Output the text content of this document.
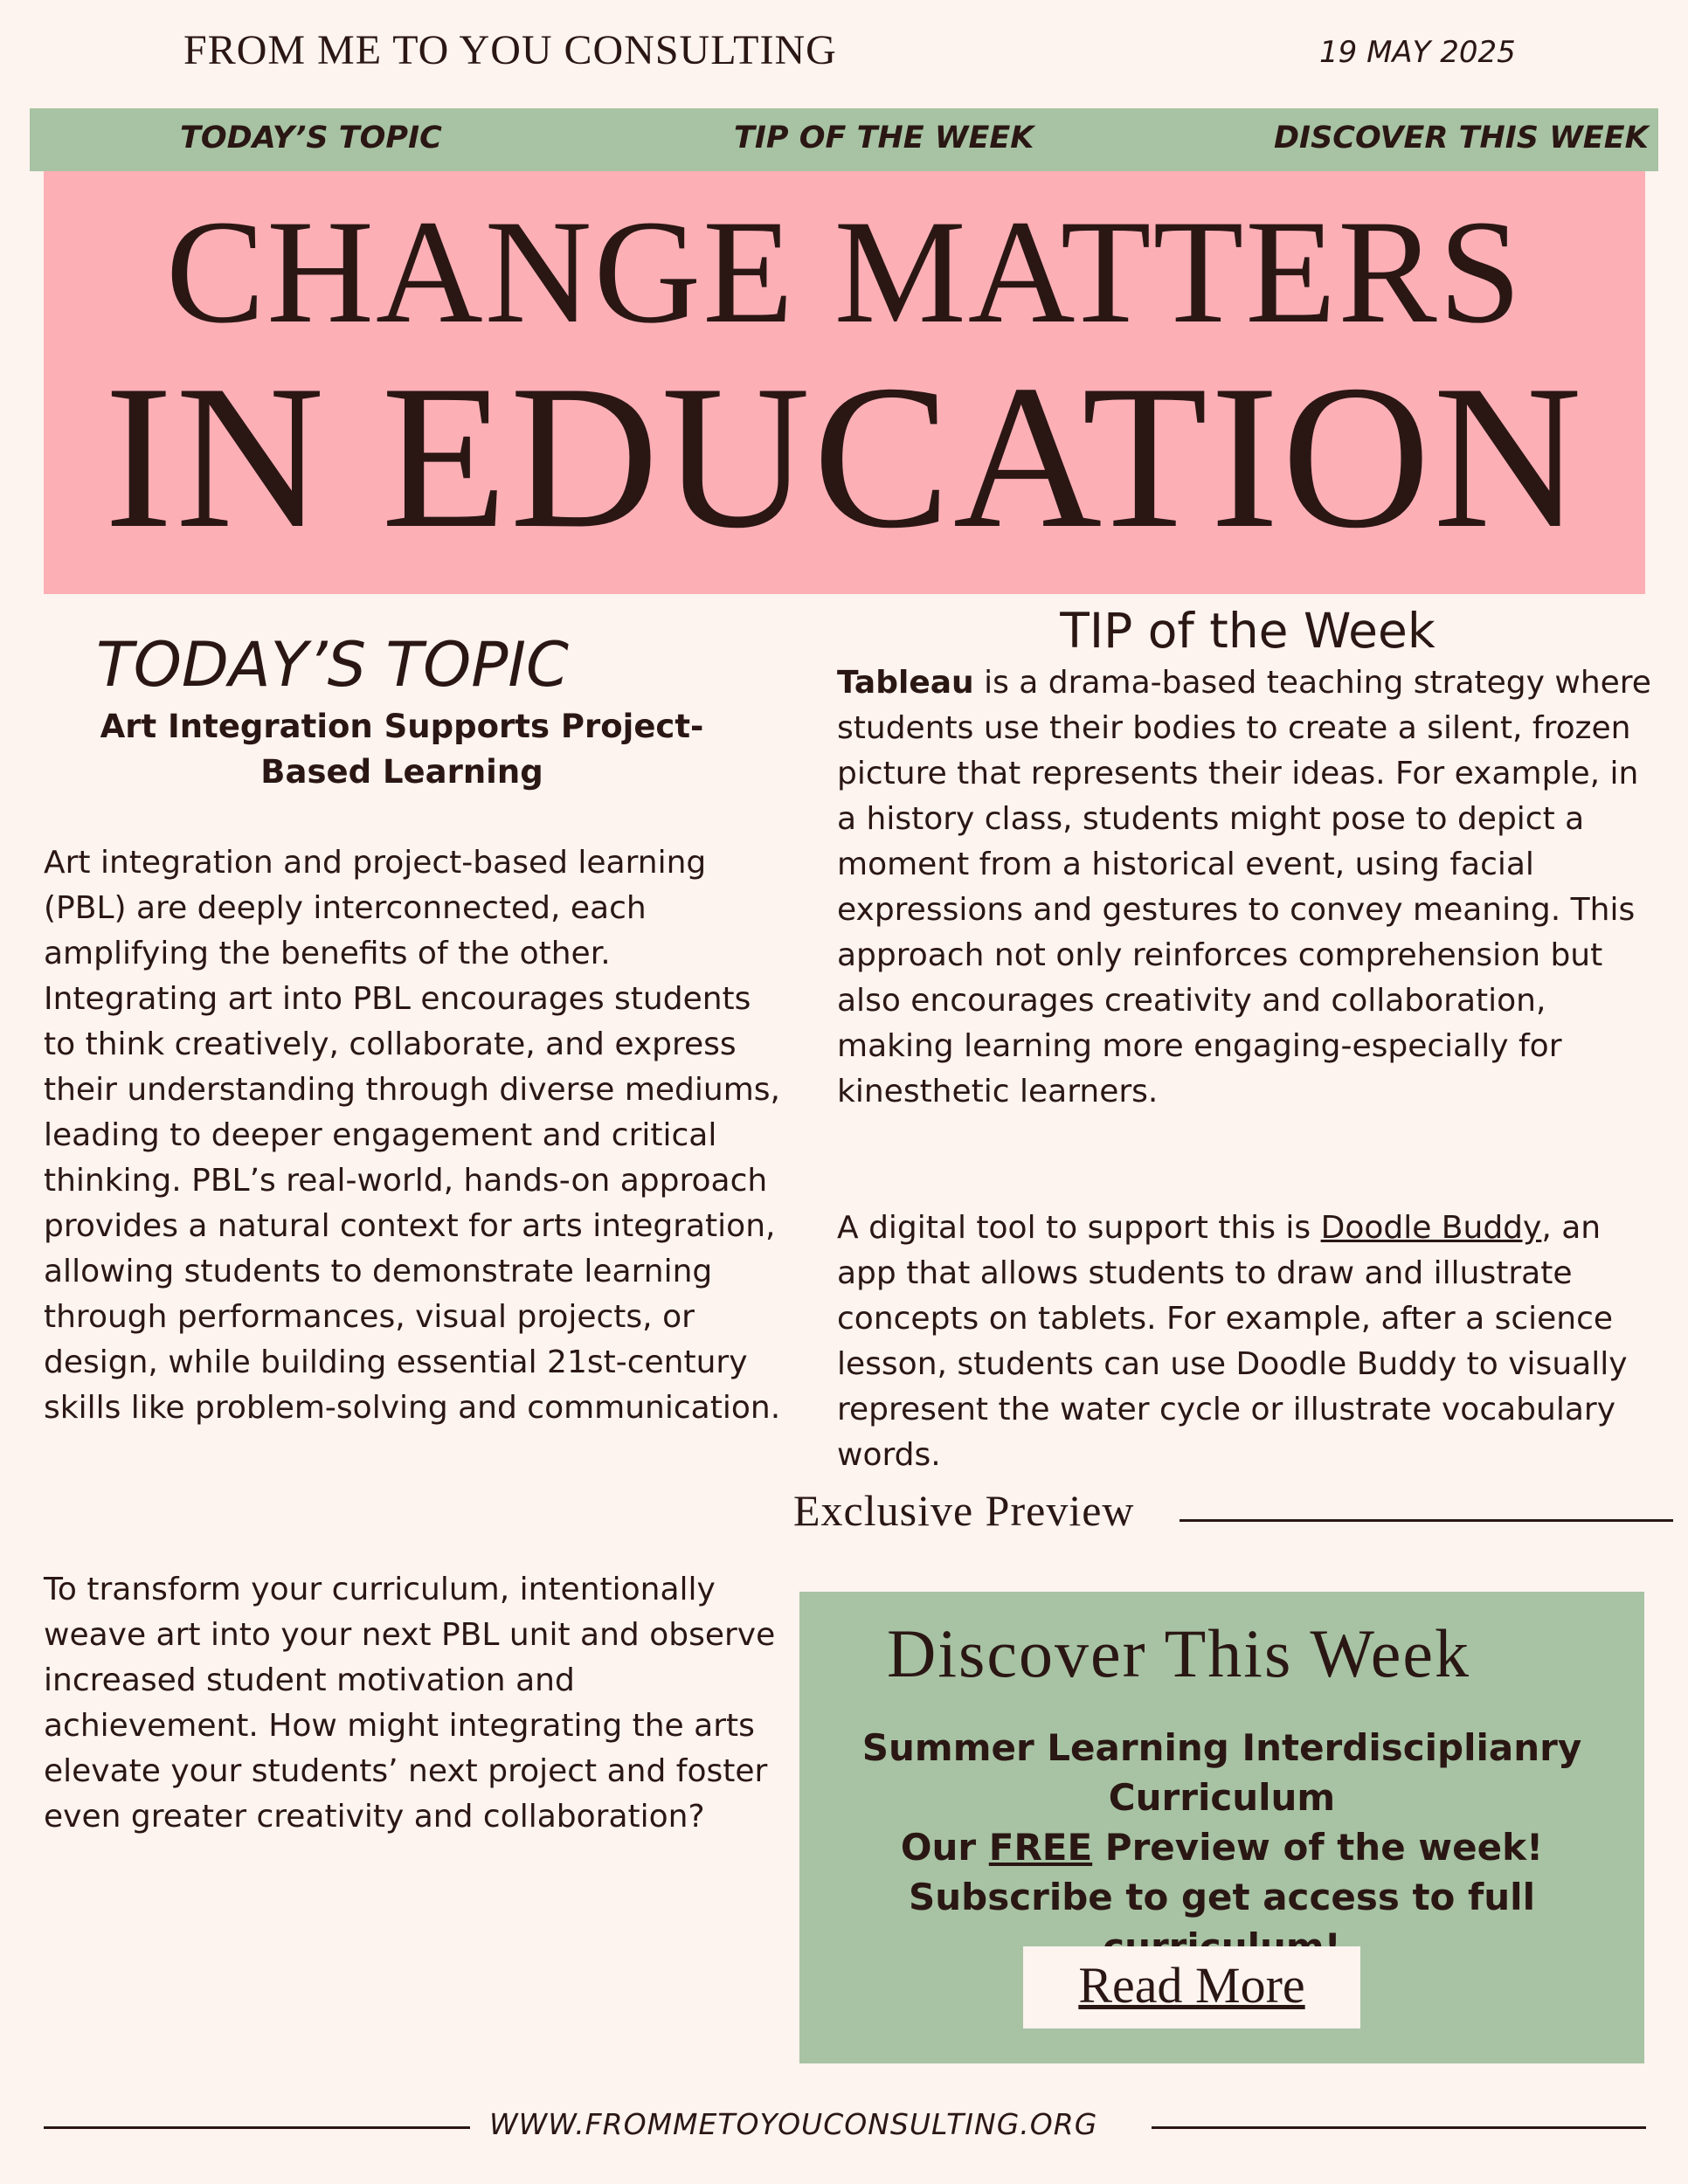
FROM ME TO YOU CONSULTING	19 MAY 2025
TODAY’S TOPIC	TIP OF THE WEEK	DISCOVER THIS WEEK
CHANGE MATTERS
IN EDUCATION
TODAY’S TOPIC
Art Integration Supports Project-Based Learning
Art integration and project-based learning (PBL) are deeply interconnected, each amplifying the benefits of the other. Integrating art into PBL encourages students to think creatively, collaborate, and express their understanding through diverse mediums, leading to deeper engagement and critical thinking. PBL’s real-world, hands-on approach provides a natural context for arts integration, allowing students to demonstrate learning through performances, visual projects, or design, while building essential 21st-century skills like problem-solving and communication.
To transform your curriculum, intentionally weave art into your next PBL unit and observe increased student motivation and achievement. How might integrating the arts elevate your students’ next project and foster even greater creativity and collaboration?
TIP of the Week
Tableau is a drama-based teaching strategy where students use their bodies to create a silent, frozen picture that represents their ideas. For example, in a history class, students might pose to depict a moment from a historical event, using facial expressions and gestures to convey meaning. This approach not only reinforces comprehension but also encourages creativity and collaboration, making learning more engaging-especially for kinesthetic learners.
A digital tool to support this is Doodle Buddy, an app that allows students to draw and illustrate concepts on tablets. For example, after a science lesson, students can use Doodle Buddy to visually represent the water cycle or illustrate vocabulary words.
Exclusive Preview
Discover This Week
Summer Learning Interdisciplianry Curriculum
Our FREE Preview of the week! Subscribe to get access to full
Read More
WWW.FROMMETOYOUCONSULTING.ORG
